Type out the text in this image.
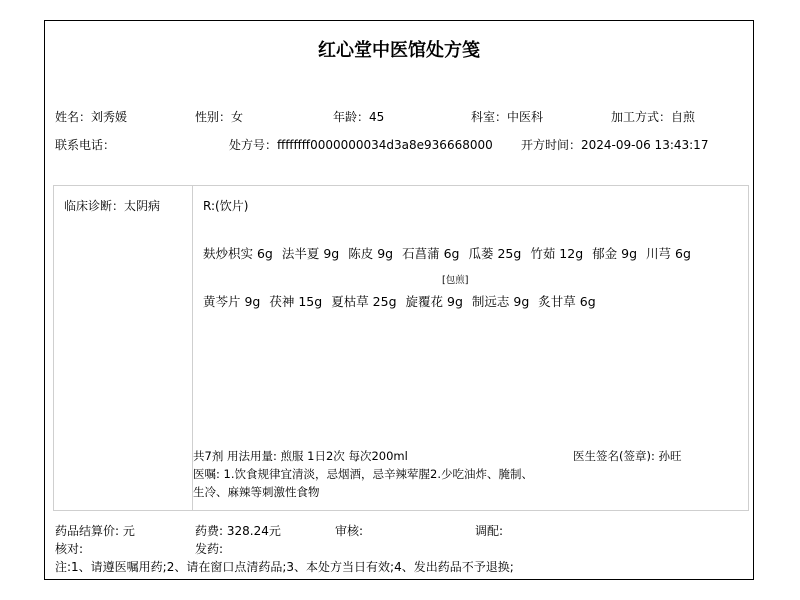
红心堂中医馆处方笺
姓名：刘秀媛	性别：女	年龄：45	科室：中医科	加工方式：自煎
联系电话：	处方号：ffffffff0000000034d3a8e936668000 开方时间：2024-09-06 13:43:17
临床诊断：太阴病	R:(饮片)
麸炒枳实 6g 法半夏 9g 陈皮 9g 石菖蒲 6g 瓜蒌 25g 竹茹 12g 郁金 9g 川芎 6g
[包煎]
黄芩片 9g 茯神 15g 夏枯草 25g 旋覆花 9g 制远志 9g 炙甘草 6g
共7剂 用法用量: 煎服 1日2次 每次200ml	医生签名(签章): 孙旺
医嘱: 1.饮食规律宜清淡，忌烟酒，忌辛辣荤腥2.少吃油炸、腌制、
生冷、麻辣等刺激性食物
药品结算价: 元	药费: 328.24元	审核:	调配:
核对:	发药:
注:1、请遵医嘱用药;2、请在窗口点清药品;3、本处方当日有效;4、发出药品不予退换;
